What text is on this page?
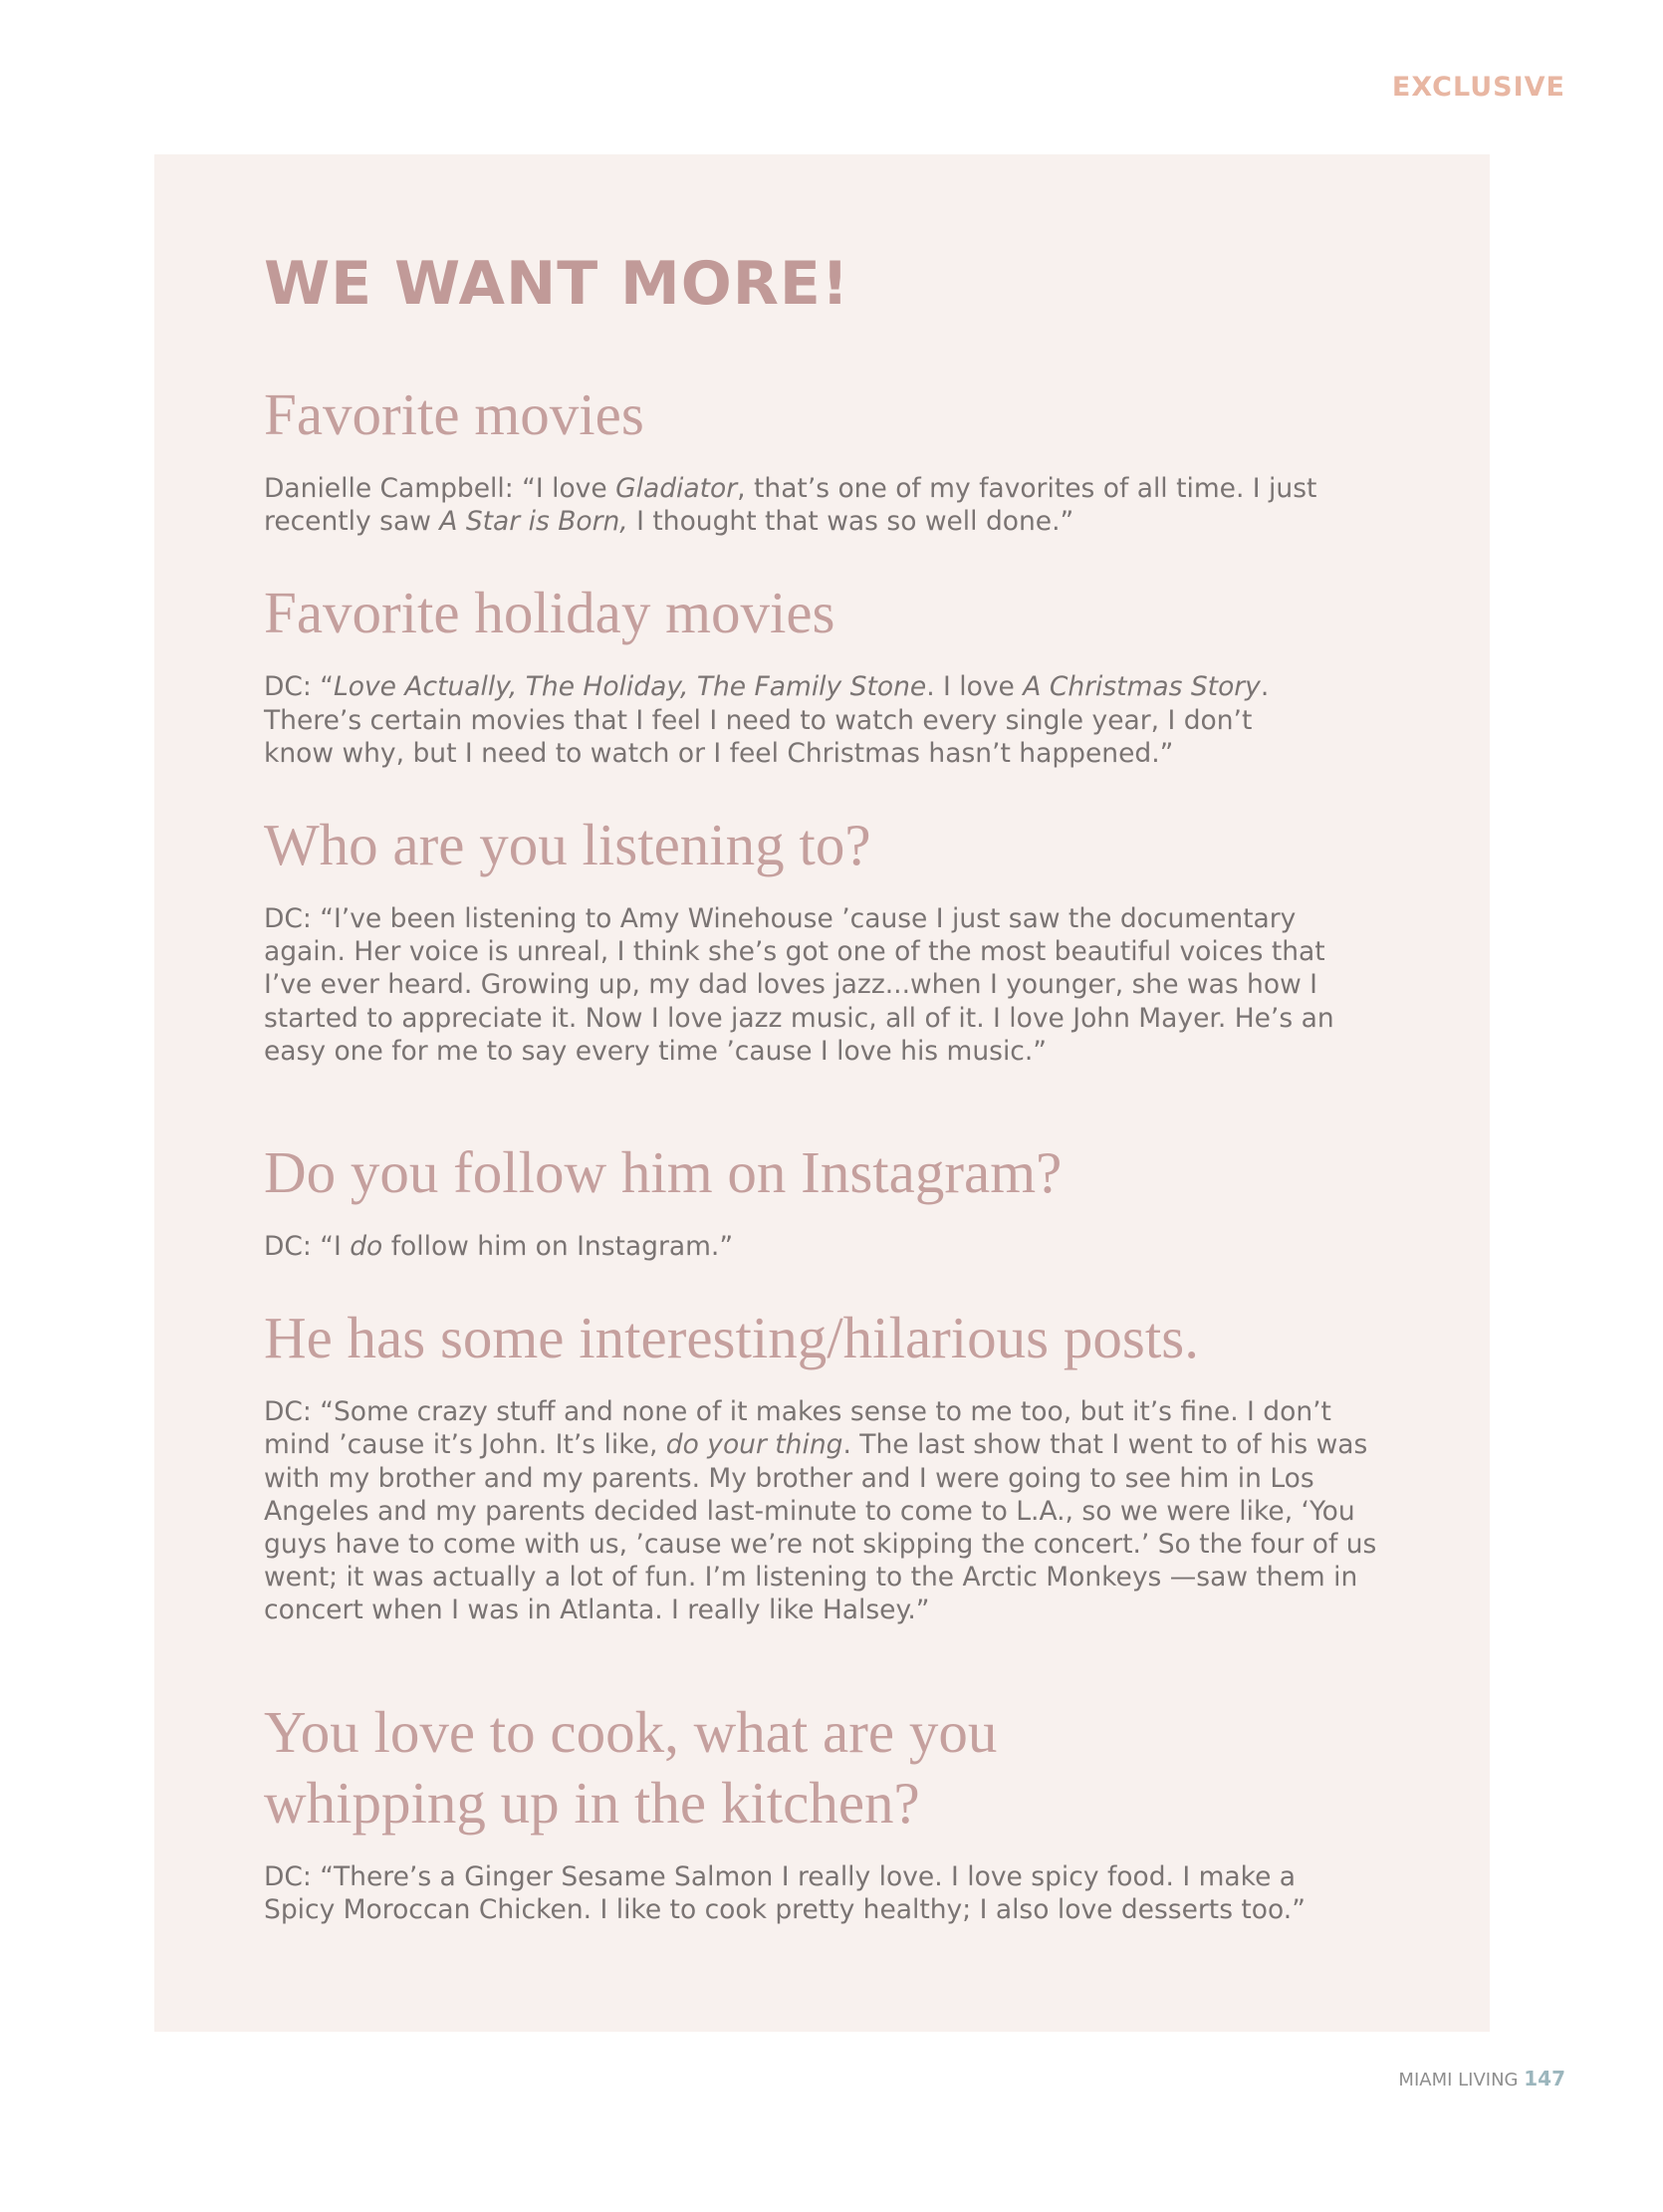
EXCLUSIVE
WE WANT MORE!
Favorite movies

Danielle Campbell: “I love Gladiator, that’s one of my favorites of all time. I just recently saw A Star is Born, I thought that was so well done.”

Favorite holiday movies

DC: “Love Actually, The Holiday, The Family Stone. I love A Christmas Story. There’s certain movies that I feel I need to watch every single year, I don’t know why, but I need to watch or I feel Christmas hasn’t happened.”

Who are you listening to?

DC: “I’ve been listening to Amy Winehouse ’cause I just saw the documentary again. Her voice is unreal, I think she’s got one of the most beautiful voices that I’ve ever heard. Growing up, my dad loves jazz...when I younger, she was how I started to appreciate it. Now I love jazz music, all of it. I love John Mayer. He’s an easy one for me to say every time ’cause I love his music.”

Do you follow him on Instagram?

DC: “I do follow him on Instagram.”

He has some interesting/hilarious posts.

DC: “Some crazy stuff and none of it makes sense to me too, but it’s fine. I don’t mind ’cause it’s John. It’s like, do your thing. The last show that I went to of his was with my brother and my parents. My brother and I were going to see him in Los Angeles and my parents decided last-minute to come to L.A., so we were like, ‘You guys have to come with us, ’cause we’re not skipping the concert.’ So the four of us went; it was actually a lot of fun. I’m listening to the Arctic Monkeys —saw them in concert when I was in Atlanta. I really like Halsey.”

You love to cook, what are you whipping up in the kitchen?

DC: “There’s a Ginger Sesame Salmon I really love. I love spicy food. I make a Spicy Moroccan Chicken. I like to cook pretty healthy; I also love desserts too.”

MIAMI LIVING 147
